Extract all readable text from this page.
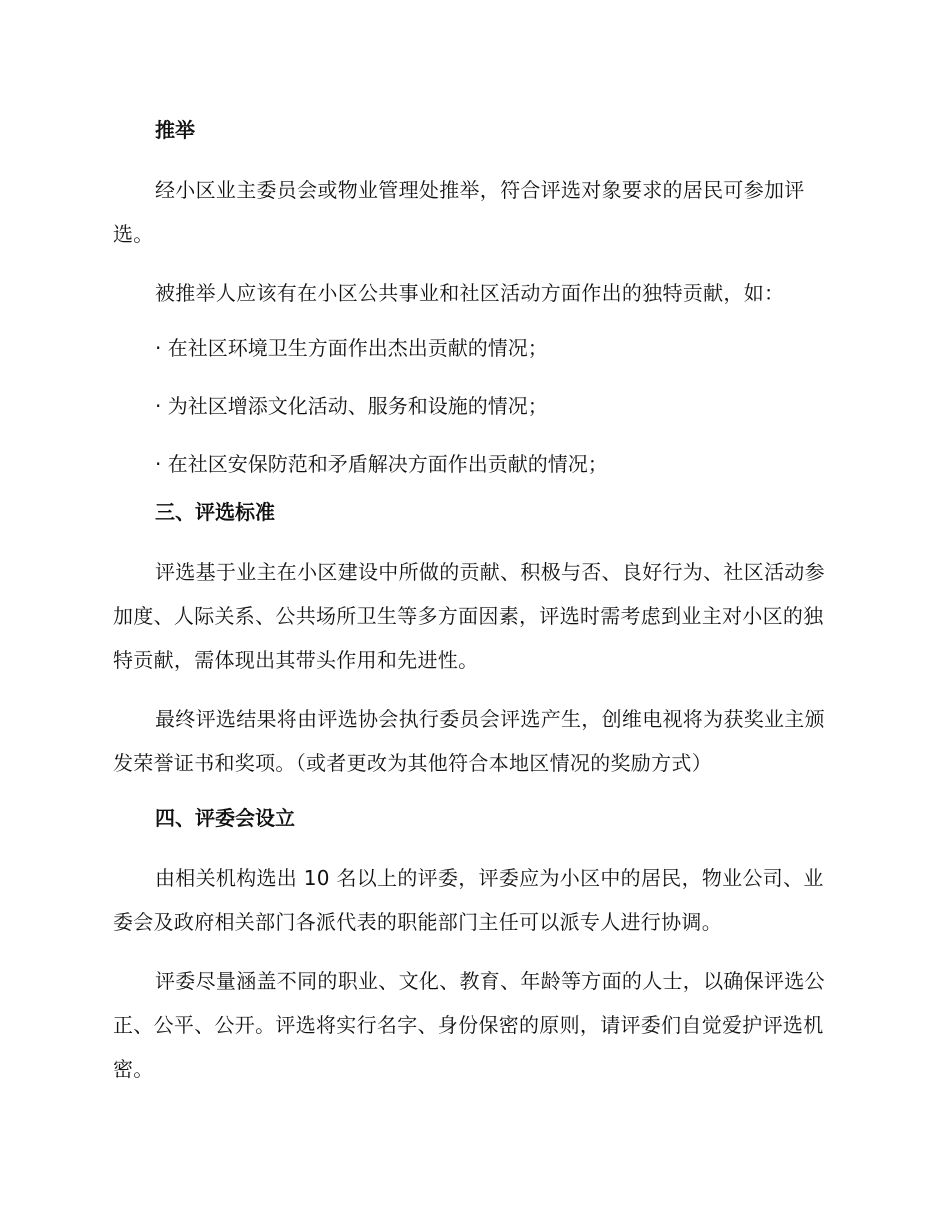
推举
经小区业主委员会或物业管理处推举，符合评选对象要求的居民可参加评选。
被推举人应该有在小区公共事业和社区活动方面作出的独特贡献，如：
· 在社区环境卫生方面作出杰出贡献的情况；
· 为社区增添文化活动、服务和设施的情况；
· 在社区安保防范和矛盾解决方面作出贡献的情况；
三、评选标准
评选基于业主在小区建设中所做的贡献、积极与否、良好行为、社区活动参加度、人际关系、公共场所卫生等多方面因素，评选时需考虑到业主对小区的独特贡献，需体现出其带头作用和先进性。
最终评选结果将由评选协会执行委员会评选产生，创维电视将为获奖业主颁发荣誉证书和奖项。（或者更改为其他符合本地区情况的奖励方式）
四、评委会设立
由相关机构选出 10 名以上的评委，评委应为小区中的居民，物业公司、业委会及政府相关部门各派代表的职能部门主任可以派专人进行协调。
评委尽量涵盖不同的职业、文化、教育、年龄等方面的人士，以确保评选公正、公平、公开。评选将实行名字、身份保密的原则，请评委们自觉爱护评选机密。
